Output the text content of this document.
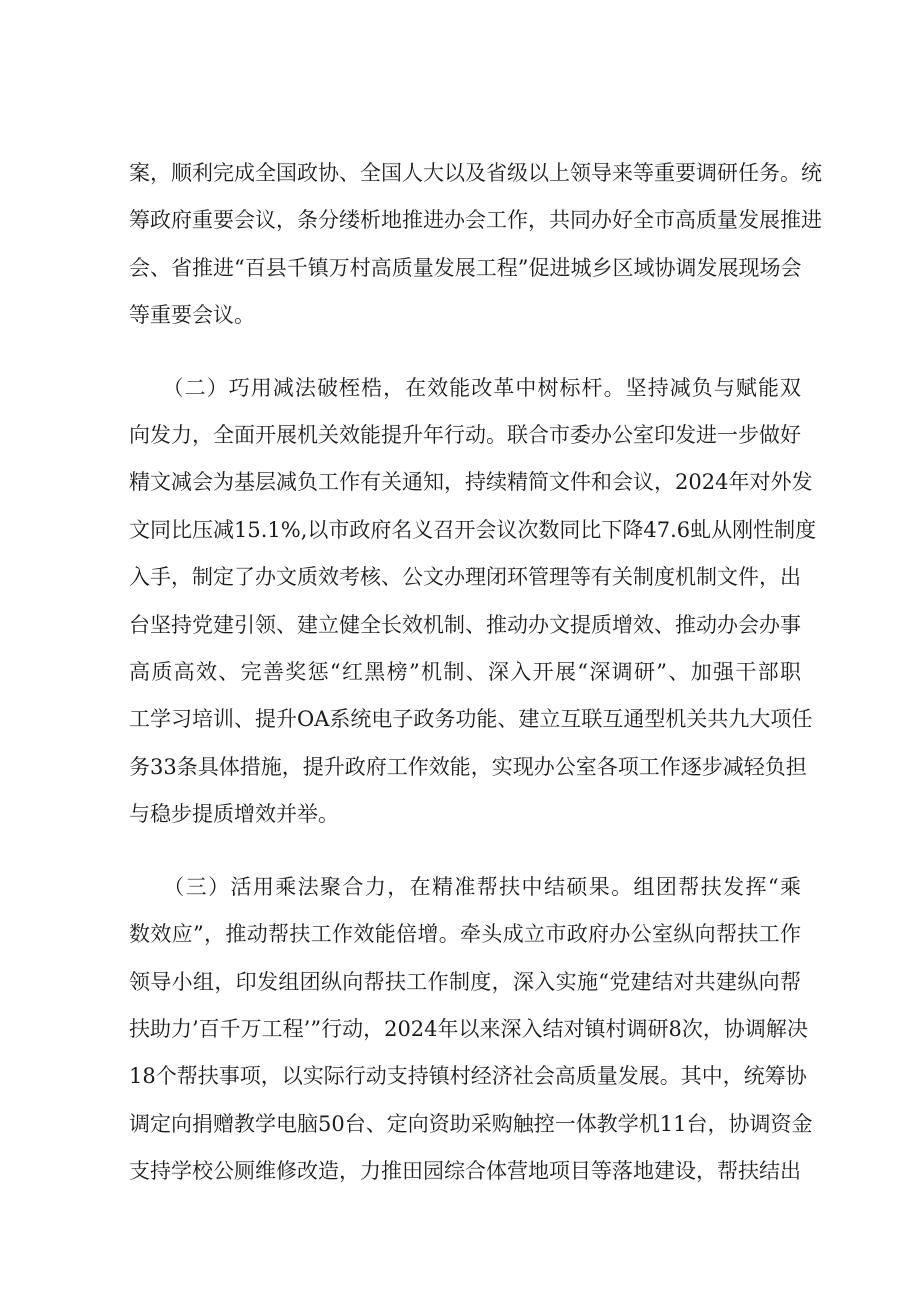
案，顺利完成全国政协、全国人大以及省级以上领导来等重要调研任务。统
筹政府重要会议，条分缕析地推进办会工作，共同办好全市高质量发展推进
会、省推进“百县千镇万村高质量发展工程”促进城乡区域协调发展现场会
等重要会议。

　　（二）巧用减法破桎梏，在效能改革中树标杆。坚持减负与赋能双
向发力，全面开展机关效能提升年行动。联合市委办公室印发进一步做好
精文减会为基层减负工作有关通知，持续精简文件和会议，2024年对外发
文同比压减15.1%,以市政府名义召开会议次数同比下降47.6虬从刚性制度
入手，制定了办文质效考核、公文办理闭环管理等有关制度机制文件，出
台坚持党建引领、建立健全长效机制、推动办文提质增效、推动办会办事
高质高效、完善奖惩“红黑榜”机制、深入开展“深调研”、加强干部职
工学习培训、提升OA系统电子政务功能、建立互联互通型机关共九大项任
务33条具体措施，提升政府工作效能，实现办公室各项工作逐步减轻负担
与稳步提质增效并举。

　　（三）活用乘法聚合力，在精准帮扶中结硕果。组团帮扶发挥“乘
数效应”，推动帮扶工作效能倍增。牵头成立市政府办公室纵向帮扶工作
领导小组，印发组团纵向帮扶工作制度，深入实施“党建结对共建纵向帮
扶助力’百千万工程’”行动，2024年以来深入结对镇村调研8次，协调解决
18个帮扶事项，以实际行动支持镇村经济社会高质量发展。其中，统筹协
调定向捐赠教学电脑50台、定向资助采购触控一体教学机11台，协调资金
支持学校公厕维修改造，力推田园综合体营地项目等落地建设，帮扶结出
